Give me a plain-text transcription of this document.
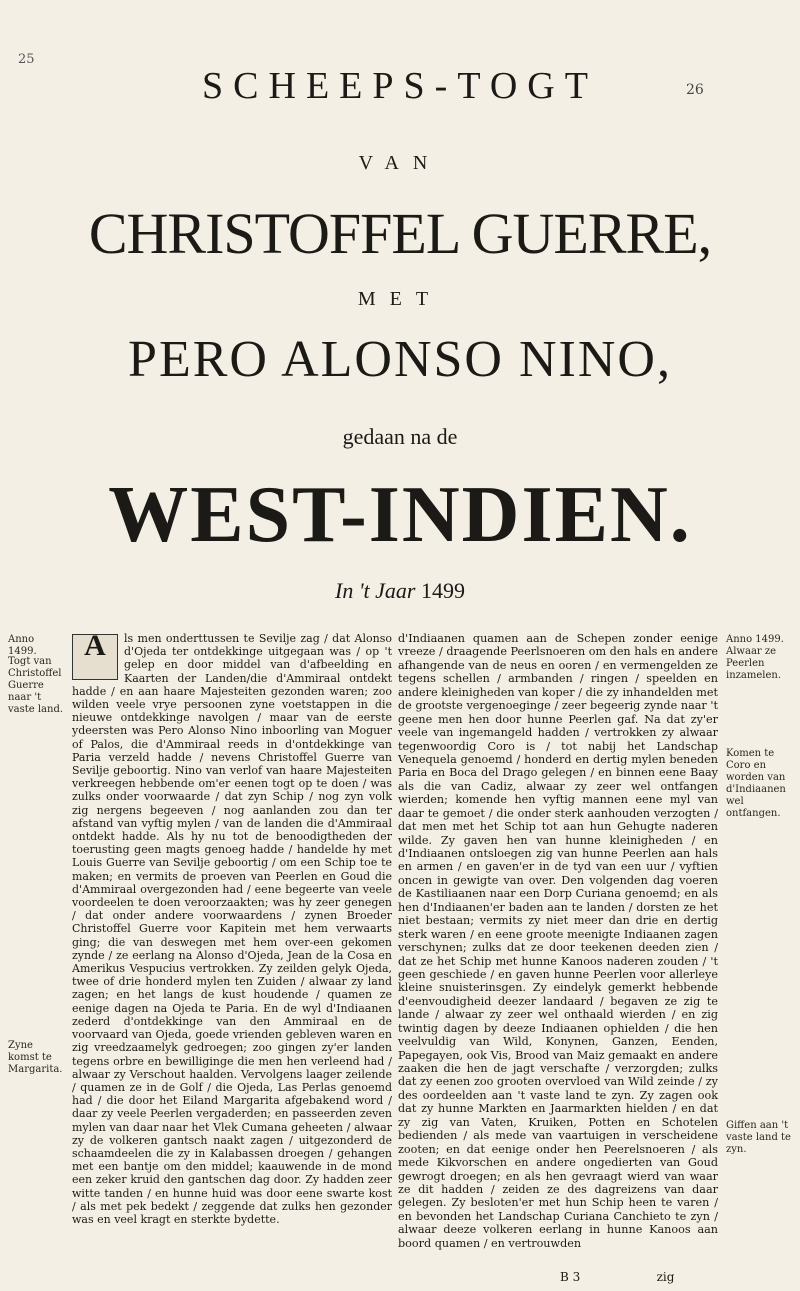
25
26
SCHEEPS-TOGT
VAN
CHRISTOFFEL GUERRE,
MET
PERO ALONSO NINO,
gedaan na de
WEST-INDIEN.
In 't Jaar 1499
Anno 1499.
Togt van Christoffel Guerre naar 't vaste land.
Zyne komst te Margarita.
Anno 1499. Alwaar ze Peerlen inzamelen.
Komen te Coro en worden van d'Indiaanen wel ontfangen.
Giffen aan 't vaste land te zyn.
A	ls men onderttussen te Sevilje zag / dat Alonso d'Ojeda ter ontdekkinge uitgegaan was / op 't gelep en door middel van d'afbeelding en Kaarten der Landen/die d'Ammiraal ontdekt hadde / en aan haare Majesteiten gezonden waren; zoo wilden veele vrye persoonen zyne voetstappen in die nieuwe ontdekkinge navolgen / maar van de eerste ydeersten was Pero Alonso Nino inboorling van Moguer of Palos, die d'Ammiraal reeds in d'ontdekkinge van Paria verzeld hadde / nevens Christoffel Guerre van Sevilje geboortig. Nino van verlof van haare Majesteiten verkreegen hebbende om'er eenen togt op te doen / was zulks onder voorwaarde / dat zyn Schip / nog zyn volk zig nergens begeeven / nog aanlanden zou dan ter afstand van vyftig mylen / van de landen die d'Ammiraal ontdekt hadde. Als hy nu tot de benoodigtheden der toerusting geen magts genoeg hadde / handelde hy met Louis Guerre van Sevilje geboortig / om een Schip toe te maken; en vermits de proeven van Peerlen en Goud die d'Ammiraal overgezonden had / eene begeerte van veele voordeelen te doen veroorzaakten; was hy zeer genegen / dat onder andere voorwaardens / zynen Broeder Christoffel Guerre voor Kapitein met hem verwaarts ging; die van deswegen met hem over-een gekomen zynde / ze eerlang na Alonso d'Ojeda, Jean de la Cosa en Amerikus Vespucius vertrokken. Zy zeilden gelyk Ojeda, twee of drie honderd mylen ten Zuiden / alwaar zy land zagen; en het langs de kust houdende / quamen ze eenige dagen na Ojeda te Paria. En de wyl d'Indiaanen zederd d'ontdekkinge van den Ammiraal en de voorvaard van Ojeda, goede vrienden gebleven waren en zig vreedzaamelyk gedroegen; zoo gingen zy'er landen tegens orbre en bewilliginge die men hen verleend had / alwaar zy Verschout haalden. Vervolgens laager zeilende / quamen ze in de Golf / die Ojeda, Las Perlas genoemd had / die door het Eiland Margarita afgebakend word / daar zy veele Peerlen vergaderden; en passeerden zeven mylen van daar naar het Vlek Cumana geheeten / alwaar zy de volkeren gantsch naakt zagen / uitgezonderd de schaamdeelen die zy in Kalabassen droegen / gehangen met een bantje om den middel; kaauwende in de mond een zeker kruid den gantschen dag door. Zy hadden zeer witte tanden / en hunne huid was door eene swarte kost / als met pek bedekt / zeggende dat zulks hen gezonder was en veel kragt en sterkte bydette.

d'Indiaanen quamen aan de Schepen zonder eenige vreeze / draagende Peerlsnoeren om den hals en andere afhangende van de neus en ooren / en vermengelden ze tegens schellen / armbanden / ringen / speelden en andere kleinigheden van koper / die zy inhandelden met de grootste vergenoeginge / zeer begeerig zynde naar 't geene men hen door hunne Peerlen gaf. Na dat zy'er veele van ingemangeld hadden / vertrokken zy alwaar tegenwoordig Coro is / tot nabij het Landschap Venequela genoemd / honderd en dertig mylen beneden Paria en Boca del Drago gelegen / en binnen eene Baay als die van Cadiz, alwaar zy zeer wel ontfangen wierden; komende hen vyftig mannen eene myl van daar te gemoet / die onder sterk aanhouden verzogten / dat men met het Schip tot aan hun Gehugte naderen wilde. Zy gaven hen van hunne kleinigheden / en d'Indiaanen ontsloegen zig van hunne Peerlen aan hals en armen / en gaven'er in de tyd van een uur / vyftien oncen in gewigte van over. Den volgenden dag voeren de Kastiliaanen naar een Dorp Curiana genoemd; en als hen d'Indiaanen'er baden aan te landen / dorsten ze het niet bestaan; vermits zy niet meer dan drie en dertig sterk waren / en eene groote meenigte Indiaanen zagen verschynen; zulks dat ze door teekenen deeden zien / dat ze het Schip met hunne Kanoos naderen zouden / 't geen geschiede / en gaven hunne Peerlen voor allerleye kleine snuisterinsgen. Zy eindelyk gemerkt hebbende d'eenvoudigheid deezer landaard / begaven ze zig te lande / alwaar zy zeer wel onthaald wierden / en zig twintig dagen by deeze Indiaanen ophielden / die hen veelvuldig van Wild, Konynen, Ganzen, Eenden, Papegayen, ook Vis, Brood van Maiz gemaakt en andere zaaken die hen de jagt verschafte / verzorgden; zulks dat zy eenen zoo grooten overvloed van Wild zeinde / zy des oordeelden aan 't vaste land te zyn. Zy zagen ook dat zy hunne Markten en Jaarmarkten hielden / en dat zy zig van Vaten, Kruiken, Potten en Schotelen bedienden / als mede van vaartuigen in verscheidene zooten; en dat eenige onder hen Peerelsnoeren / als mede Kikvorschen en andere ongedierten van Goud gewrogt droegen; en als hen gevraagt wierd van waar ze dit hadden / zeiden ze des dagreizens van daar gelegen. Zy besloten'er met hun Schip heen te varen / en bevonden het Landschap Curiana Canchieto te zyn / alwaar deeze volkeren eerlang in hunne Kanoos aan boord quamen / en vertrouwden

B 3	zig
